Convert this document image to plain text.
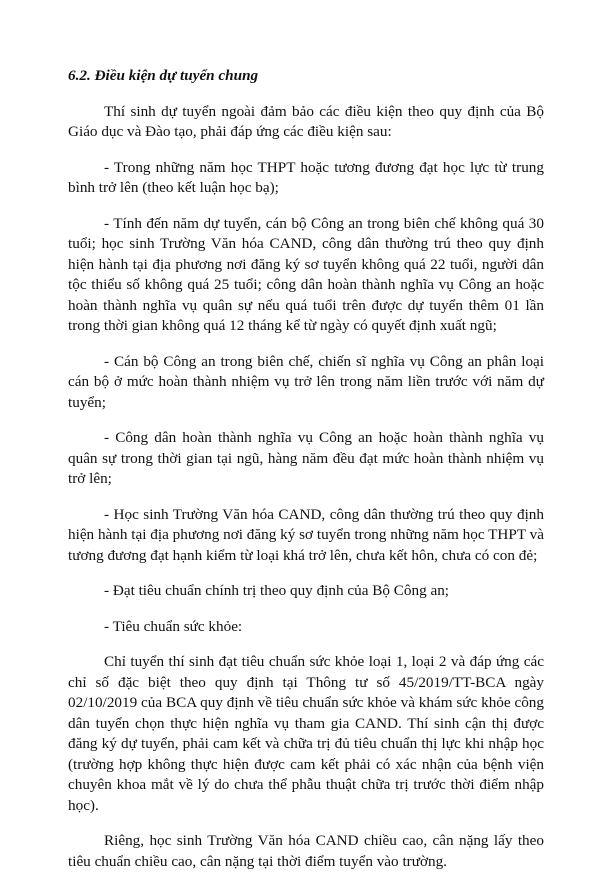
6.2. Điều kiện dự tuyển chung

Thí sinh dự tuyển ngoài đảm bảo các điều kiện theo quy định của Bộ Giáo dục và Đào tạo, phải đáp ứng các điều kiện sau:

- Trong những năm học THPT hoặc tương đương đạt học lực từ trung bình trở lên (theo kết luận học bạ);

- Tính đến năm dự tuyển, cán bộ Công an trong biên chế không quá 30 tuổi; học sinh Trường Văn hóa CAND, công dân thường trú theo quy định hiện hành tại địa phương nơi đăng ký sơ tuyển không quá 22 tuổi, người dân tộc thiểu số không quá 25 tuổi; công dân hoàn thành nghĩa vụ Công an hoặc hoàn thành nghĩa vụ quân sự nếu quá tuổi trên được dự tuyển thêm 01 lần trong thời gian không quá 12 tháng kể từ ngày có quyết định xuất ngũ;

- Cán bộ Công an trong biên chế, chiến sĩ nghĩa vụ Công an phân loại cán bộ ở mức hoàn thành nhiệm vụ trở lên trong năm liền trước với năm dự tuyển;

- Công dân hoàn thành nghĩa vụ Công an hoặc hoàn thành nghĩa vụ quân sự trong thời gian tại ngũ, hàng năm đều đạt mức hoàn thành nhiệm vụ trở lên;

- Học sinh Trường Văn hóa CAND, công dân thường trú theo quy định hiện hành tại địa phương nơi đăng ký sơ tuyển trong những năm học THPT và tương đương đạt hạnh kiểm từ loại khá trở lên, chưa kết hôn, chưa có con đẻ;

- Đạt tiêu chuẩn chính trị theo quy định của Bộ Công an;

- Tiêu chuẩn sức khỏe:

Chỉ tuyển thí sinh đạt tiêu chuẩn sức khỏe loại 1, loại 2 và đáp ứng các chỉ số đặc biệt theo quy định tại Thông tư số 45/2019/TT-BCA ngày 02/10/2019 của BCA quy định về tiêu chuẩn sức khỏe và khám sức khỏe công dân tuyển chọn thực hiện nghĩa vụ tham gia CAND. Thí sinh cận thị được đăng ký dự tuyển, phải cam kết và chữa trị đủ tiêu chuẩn thị lực khi nhập học (trường hợp không thực hiện được cam kết phải có xác nhận của bệnh viện chuyên khoa mắt về lý do chưa thể phẫu thuật chữa trị trước thời điểm nhập học).

Riêng, học sinh Trường Văn hóa CAND chiều cao, cân nặng lấy theo tiêu chuẩn chiều cao, cân nặng tại thời điểm tuyển vào trường.
